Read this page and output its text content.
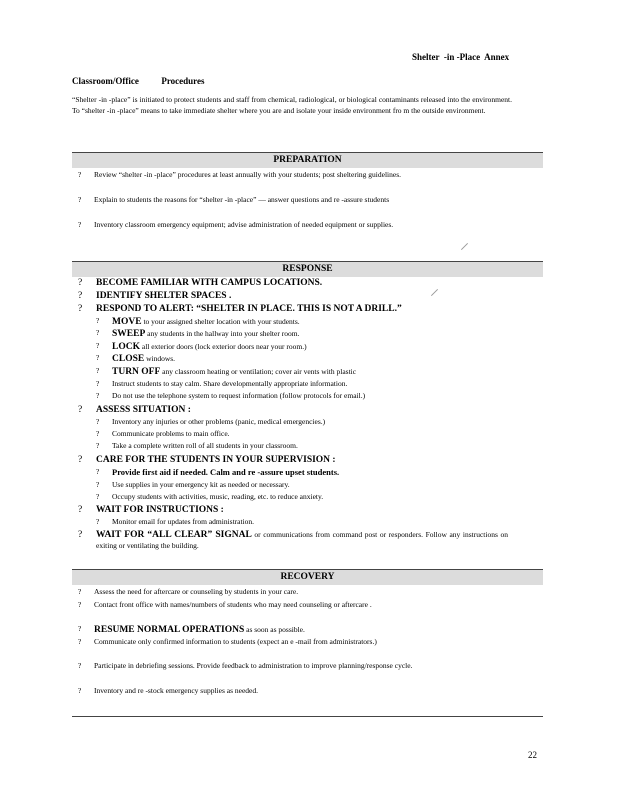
Shelter  -in -Place  Annex
Classroom/Office          Procedures
“Shelter -in -place” is initiated to protect students and staff from chemical, radiological, or biological contaminants released into the environment. To “shelter -in -place” means to take immediate shelter where you are and isolate your inside environment fro m the outside environment.
PREPARATION
?	Review “shelter -in -place” procedures at least annually with your students; post sheltering guidelines.
?	Explain to students the reasons for “shelter -in -place” — answer questions and re -assure students
?	Inventory classroom emergency equipment; advise administration of needed equipment or supplies.
RESPONSE
?	BECOME FAMILIAR WITH CAMPUS LOCATIONS.
?	IDENTIFY SHELTER SPACES .
?	RESPOND TO ALERT: “SHELTER IN PLACE. THIS IS NOT A DRILL.”
?	MOVE to your assigned shelter location with your students.
?	SWEEP any students in the hallway into your shelter room.
?	LOCK all exterior doors (lock exterior doors near your room.)
?	CLOSE windows.
?	TURN OFF any classroom heating or ventilation; cover air vents with plastic
?	Instruct students to stay calm. Share developmentally appropriate information.
?	Do not use the telephone system to request information (follow protocols for email.)
?	ASSESS SITUATION :
?	Inventory any injuries or other problems (panic, medical emergencies.)
?	Communicate problems to main office.
?	Take a complete written roll of all students in your classroom.
?	CARE FOR THE STUDENTS IN YOUR SUPERVISION :
?	Provide first aid if needed. Calm and re -assure upset students.
?	Use supplies in your emergency kit as needed or necessary.
?	Occupy students with activities, music, reading, etc. to reduce anxiety.
?	WAIT FOR INSTRUCTIONS :
?	Monitor email for updates from administration.
?	WAIT FOR “ALL CLEAR” SIGNAL or communications from command post or responders. Follow any instructions on exiting or ventilating the building.
RECOVERY
?	Assess the need for aftercare or counseling by students in your care.
?	Contact front office with names/numbers of students who may need counseling or aftercare .
?	RESUME NORMAL OPERATIONS as soon as possible.
?	Communicate only confirmed information to students (expect an e -mail from administrators.)
?	Participate in debriefing sessions. Provide feedback to administration to improve planning/response cycle.
?	Inventory and re -stock emergency supplies as needed.
22
